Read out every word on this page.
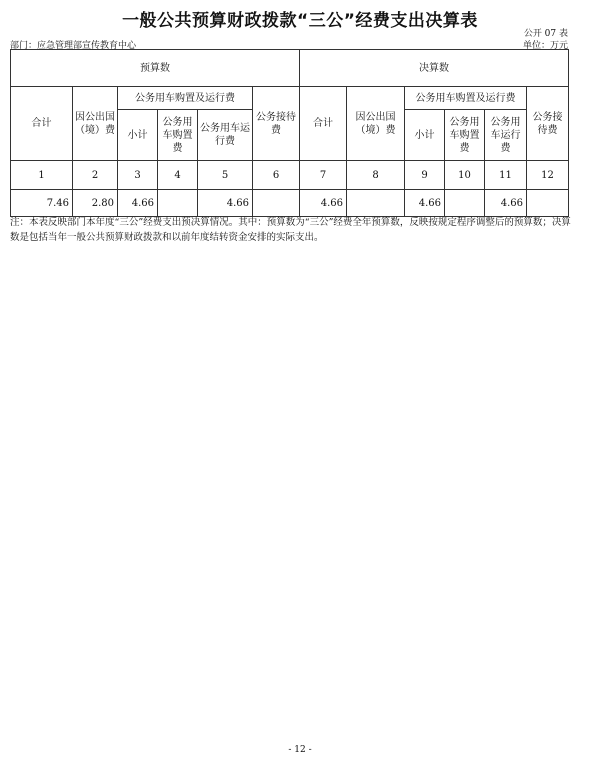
一般公共预算财政拨款“三公”经费支出决算表
公开 07 表
部门：应急管理部宣传教育中心	单位：万元
预算数						决算数					
合计	因公出国（境）费	公务用车购置及运行费			公务接待费	合计	因公出国（境）费	公务用车购置及运行费			公务接待费
		小计	公务用车购置费	公务用车运行费				小计	公务用车购置费	公务用车运行费	
1	2	3	4	5	6	7	8	9	10	11	12
7.46	2.80	4.66		4.66		4.66		4.66		4.66	
注：本表反映部门本年度“三公”经费支出预决算情况。其中：预算数为“三公”经费全年预算数，反映按规定程序调整后的预算数；决算数是包括当年一般公共预算财政拨款和以前年度结转资金安排的实际支出。
- 12 -
